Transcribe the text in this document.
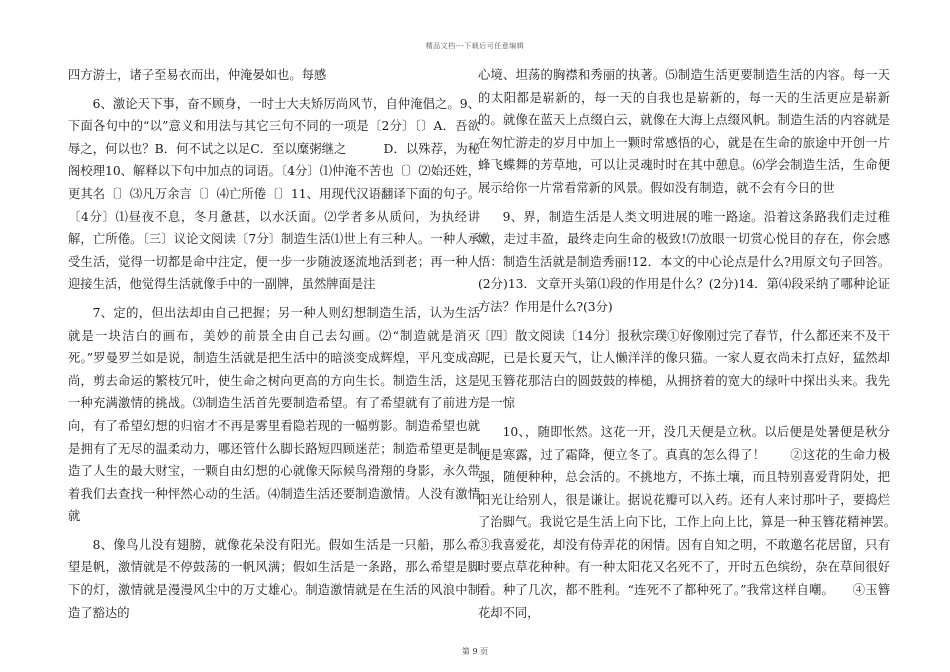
精品文档---下载后可任意编辑

四方游士，诸子至易衣而出，仲淹晏如也。每感

6、激论天下事，奋不顾身，一时士大夫矫厉尚风节，自仲淹倡之。9、下面各句中的“以”意义和用法与其它三句不同的一项是〔2分〕〔〕A．吾欲辱之，何以也？B．何不试之以足C．至以糜粥继之　　　D．以殊荐，为秘阁校理10、解释以下句中加点的词语。〔4分〕⑴仲淹不苦也〔〕⑵始还姓，更其名〔〕⑶凡万余言〔〕⑷亡所倦〔〕11、用现代汉语翻译下面的句子。〔4分〕⑴昼夜不息，冬月惫甚，以水沃面。⑵学者多从质问，为执经讲解，亡所倦。〔三〕议论文阅读〔7分〕制造生活⑴世上有三种人。一种人承受生活，觉得一切都是命中注定，便一步一步随波逐流地活到老；再一种人迎接生活，他觉得生活就像手中的一副牌，虽然牌面是注

7、定的，但出法却由自己把握；另一种人则幻想制造生活，认为生活就是一块洁白的画布，美妙的前景全由自己去勾画。⑵“制造就是消灭死。”罗曼罗兰如是说，制造生活就是把生活中的暗淡变成辉煌，平凡变成高尚，剪去命运的繁枝冗叶，使生命之树向更高的方向生长。制造生活，这是一种充满激情的挑战。⑶制造生活首先要制造希望。有了希望就有了前进方向，有了希望幻想的归宿才不再是雾里看隐若现的一幅剪影。制造希望也就是拥有了无尽的温柔动力，哪还管什么脚长路短四顾迷茫；制造希望更是制造了人生的最大财宝，一颗自由幻想的心就像天际候鸟滑翔的身影，永久带着我们去查找一种怦然心动的生活。⑷制造生活还要制造激情。人没有激情就

8、像鸟儿没有翅膀，就像花朵没有阳光。假如生活是一只船，那么希望是帆，激情就是不停鼓荡的一帆风满；假如生活是一条路，那么希望是脚下的灯，激情就是漫漫风尘中的万丈雄心。制造激情就是在生活的风浪中制造了豁达的

心境、坦荡的胸襟和秀丽的执著。⑸制造生活更要制造生活的内容。每一天的太阳都是崭新的，每一天的自我也是崭新的，每一天的生活更应是崭新的。就像在蓝天上点缀白云，就像在大海上点缀风帆。制造生活的内容就是在匆忙游走的岁月中加上一颗时常感悟的心，就是在生命的旅途中开创一片蜂飞蝶舞的芳草地，可以让灵魂时时在其中憩息。⑹学会制造生活，生命便展示给你一片常看常新的风景。假如没有制造，就不会有今日的世

9、界，制造生活是人类文明进展的唯一路途。沿着这条路我们走过稚嫩，走过丰盈，最终走向生命的极致!⑺放眼一切赏心悦目的存在，你会感悟：制造生活就是制造秀丽!12．本文的中心论点是什么?用原文句子回答。(2分)13．文章开头第⑴段的作用是什么？(2分)14．第⑷段采纳了哪种论证方法？作用是什么?(3分)

〔四〕散文阅读〔14分〕报秋宗璞①好像刚过完了春节，什么都还来不及干呢，已是长夏天气，让人懒洋洋的像只猫。一家人夏衣尚未打点好，猛然却见玉簪花那洁白的圆鼓鼓的棒槌，从拥挤着的宽大的绿叶中探出头来。我先是一惊

10、，随即怅然。这花一开，没几天便是立秋。以后便是处暑便是秋分便是寒露，过了霜降，便立冬了。真真的怎么得了！　　②这花的生命力极强，随便种种，总会活的。不挑地方，不拣土壤，而且特别喜爱背阴处，把阳光让给别人，很是谦让。据说花瓣可以入药。还有人来讨那叶子，要捣烂了治脚气。我说它是生活上向下比，工作上向上比，算是一种玉簪花精神罢。　　③我喜爱花，却没有侍弄花的闲情。因有自知之明，不敢邀名花居留，只有时要点草花种种。有一种太阳花又名死不了，开时五色缤纷，杂在草间很好看。种了几次，都不胜利。“连死不了都种死了。”我常这样自嘲。　　④玉簪花却不同，

第 9 页
